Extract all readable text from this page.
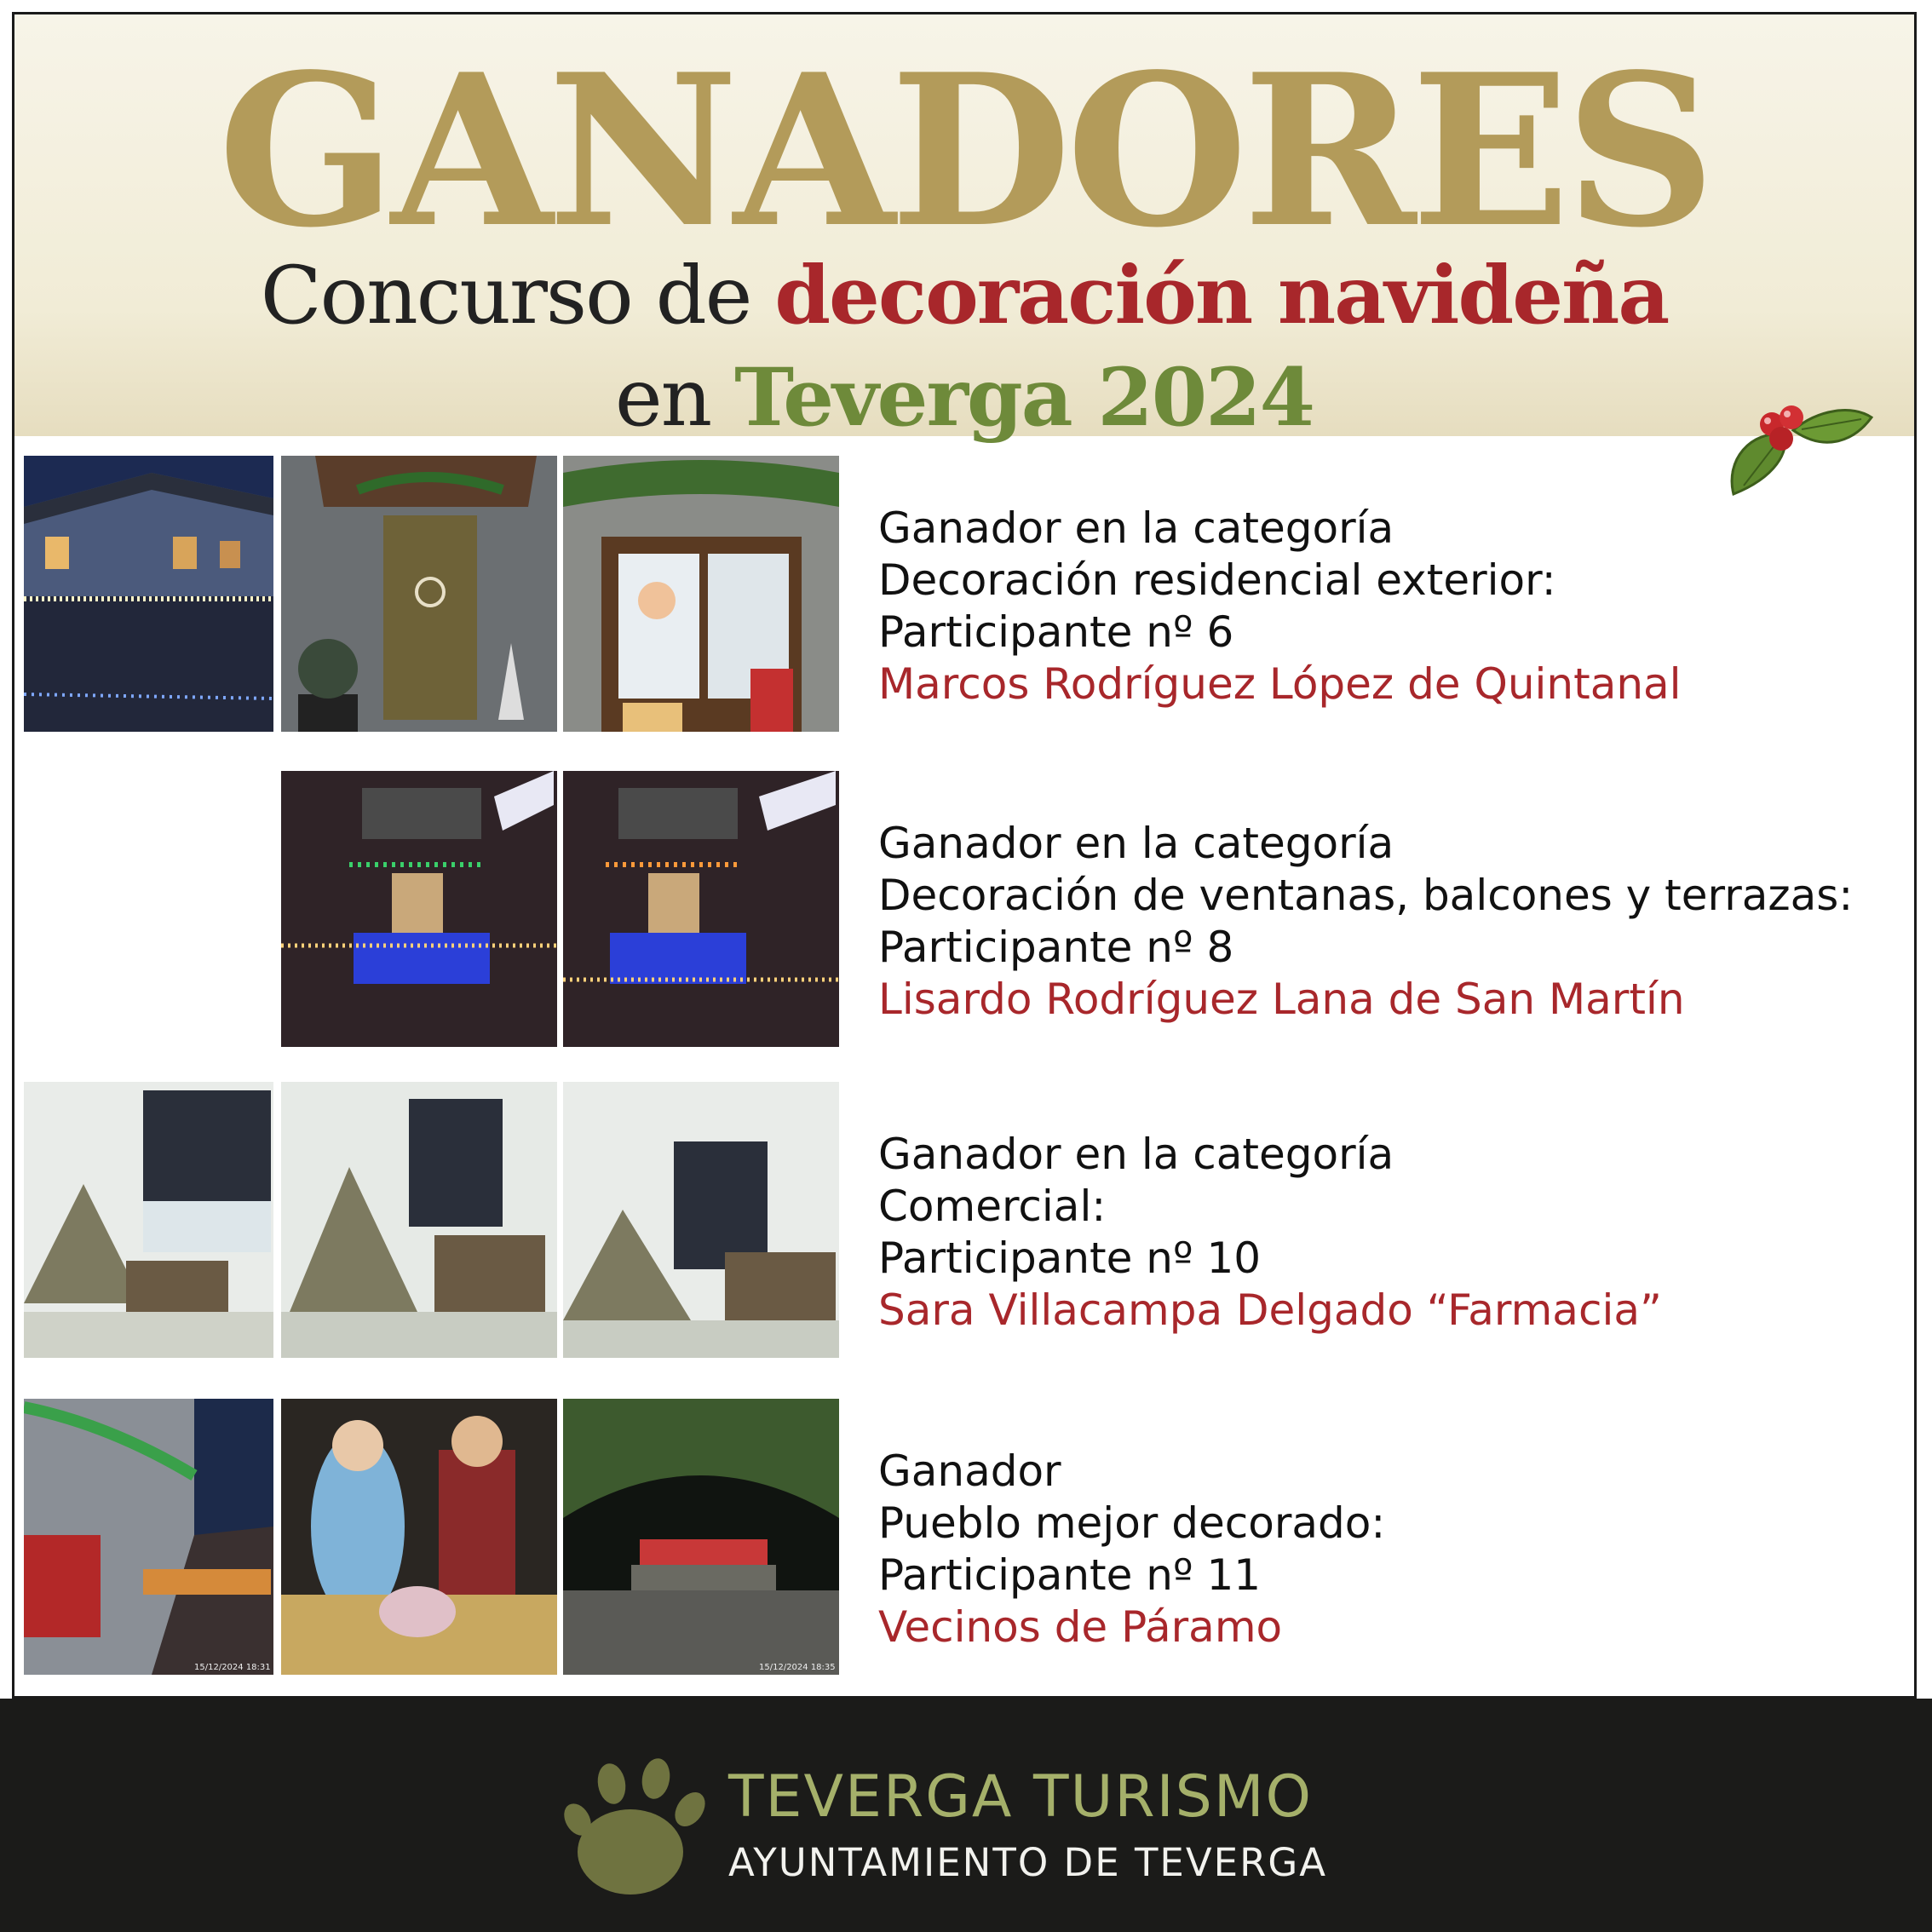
GANADORES
Concurso de decoración navideña
en Teverga 2024
Ganador en la categoría
Decoración residencial exterior:
Participante nº 6
Marcos Rodríguez López de Quintanal
Ganador en la categoría
Decoración de ventanas, balcones y terrazas:
Participante nº 8
Lisardo Rodríguez Lana de San Martín
Ganador en la categoría
Comercial:
Participante nº 10
Sara Villacampa Delgado “Farmacia”
15/12/2024 18:31	15/12/2024 18:35
Ganador
Pueblo mejor decorado:
Participante nº 11
Vecinos de Páramo
TEVERGA TURISMO
AYUNTAMIENTO DE TEVERGA
